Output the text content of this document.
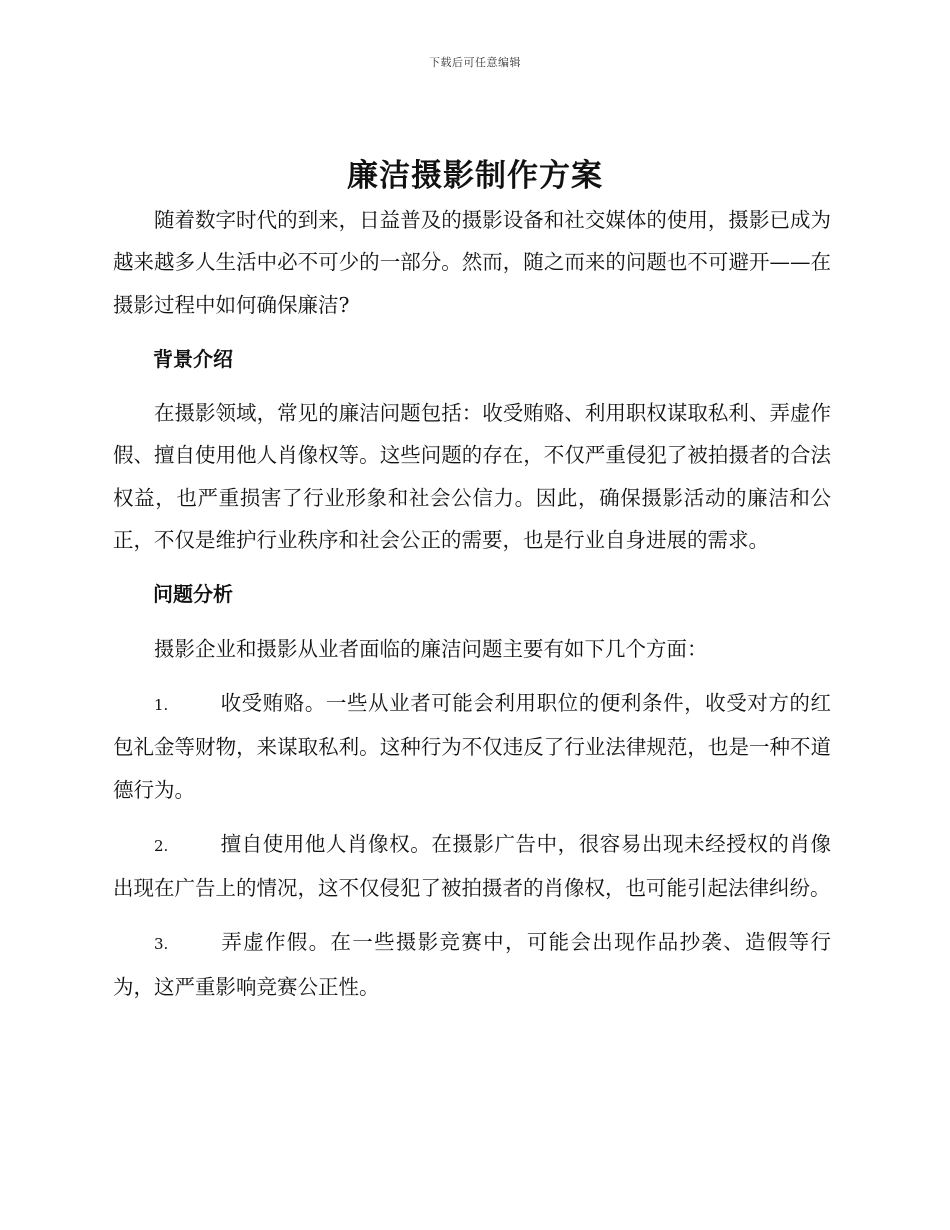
下载后可任意编辑
廉洁摄影制作方案

随着数字时代的到来，日益普及的摄影设备和社交媒体的使用，摄影已成为越来越多人生活中必不可少的一部分。然而，随之而来的问题也不可避开——在摄影过程中如何确保廉洁?

背景介绍

在摄影领域，常见的廉洁问题包括：收受贿赂、利用职权谋取私利、弄虚作假、擅自使用他人肖像权等。这些问题的存在，不仅严重侵犯了被拍摄者的合法权益，也严重损害了行业形象和社会公信力。因此，确保摄影活动的廉洁和公正，不仅是维护行业秩序和社会公正的需要，也是行业自身进展的需求。

问题分析

摄影企业和摄影从业者面临的廉洁问题主要有如下几个方面：

1.	收受贿赂。一些从业者可能会利用职位的便利条件，收受对方的红包礼金等财物，来谋取私利。这种行为不仅违反了行业法律规范，也是一种不道德行为。

2.	擅自使用他人肖像权。在摄影广告中，很容易出现未经授权的肖像出现在广告上的情况，这不仅侵犯了被拍摄者的肖像权，也可能引起法律纠纷。

3.	弄虚作假。在一些摄影竞赛中，可能会出现作品抄袭、造假等行为，这严重影响竞赛公正性。
